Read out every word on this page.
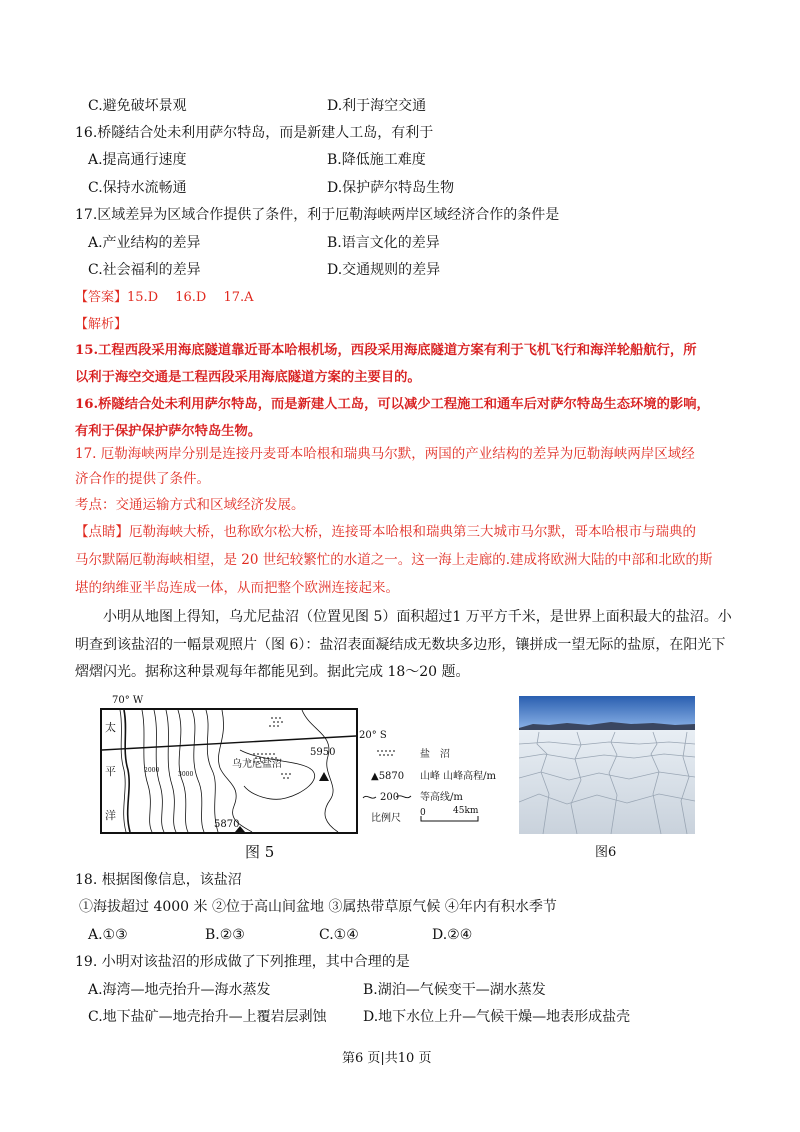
C.避免破坏景观	D.利于海空交通
16.桥隧结合处未利用萨尔特岛，而是新建人工岛，有利于
A.提高通行速度	B.降低施工难度
C.保持水流畅通	D.保护萨尔特岛生物
17.区域差异为区域合作提供了条件，利于厄勒海峡两岸区域经济合作的条件是
A.产业结构的差异	B.语言文化的差异
C.社会福利的差异	D.交通规则的差异
【答案】15.D　 16.D　 17.A
【解析】
15.工程西段采用海底隧道靠近哥本哈根机场，西段采用海底隧道方案有利于飞机飞行和海洋轮船航行，所
以利于海空交通是工程西段采用海底隧道方案的主要目的。
16.桥隧结合处未利用萨尔特岛，而是新建人工岛，可以减少工程施工和通车后对萨尔特岛生态环境的影响，
有利于保护保护萨尔特岛生物。
17. 厄勒海峡两岸分别是连接丹麦哥本哈根和瑞典马尔默，两国的产业结构的差异为厄勒海峡两岸区域经
济合作的提供了条件。
考点：交通运输方式和区域经济发展。
【点睛】厄勒海峡大桥，也称欧尔松大桥，连接哥本哈根和瑞典第三大城市马尔默，哥本哈根市与瑞典的
马尔默隔厄勒海峡相望，是 20 世纪较繁忙的水道之一。这一海上走廊的.建成将欧洲大陆的中部和北欧的斯
堪的纳维亚半岛连成一体，从而把整个欧洲连接起来。
小明从地图上得知，乌尤尼盐沼（位置见图 5）面积超过1 万平方千米，是世界上面积最大的盐沼。小
明查到该盐沼的一幅景观照片（图 6）：盐沼表面凝结成无数块多边形，镶拼成一望无际的盐原，在阳光下
熠熠闪光。据称这种景观每年都能见到。据此完成 18～20 题。
70° W
太
平
洋
乌尤尼盐沼
5950
5870
2000
3000
20° S
盐　沼
▲5870 山峰 山峰高程/m
200 等高线/m
0	45km
比例尺
图 5	图6
18. 根据图像信息，该盐沼
①海拔超过 4000 米 ②位于高山间盆地 ③属热带草原气候 ④年内有积水季节
A.①③	B.②③	C.①④	D.②④
19. 小明对该盐沼的形成做了下列推理，其中合理的是
A.海湾—地壳抬升—海水蒸发	B.湖泊—气候变干—湖水蒸发
C.地下盐矿—地壳抬升—上覆岩层剥蚀	D.地下水位上升—气候干燥—地表形成盐壳
第6 页|共10 页
